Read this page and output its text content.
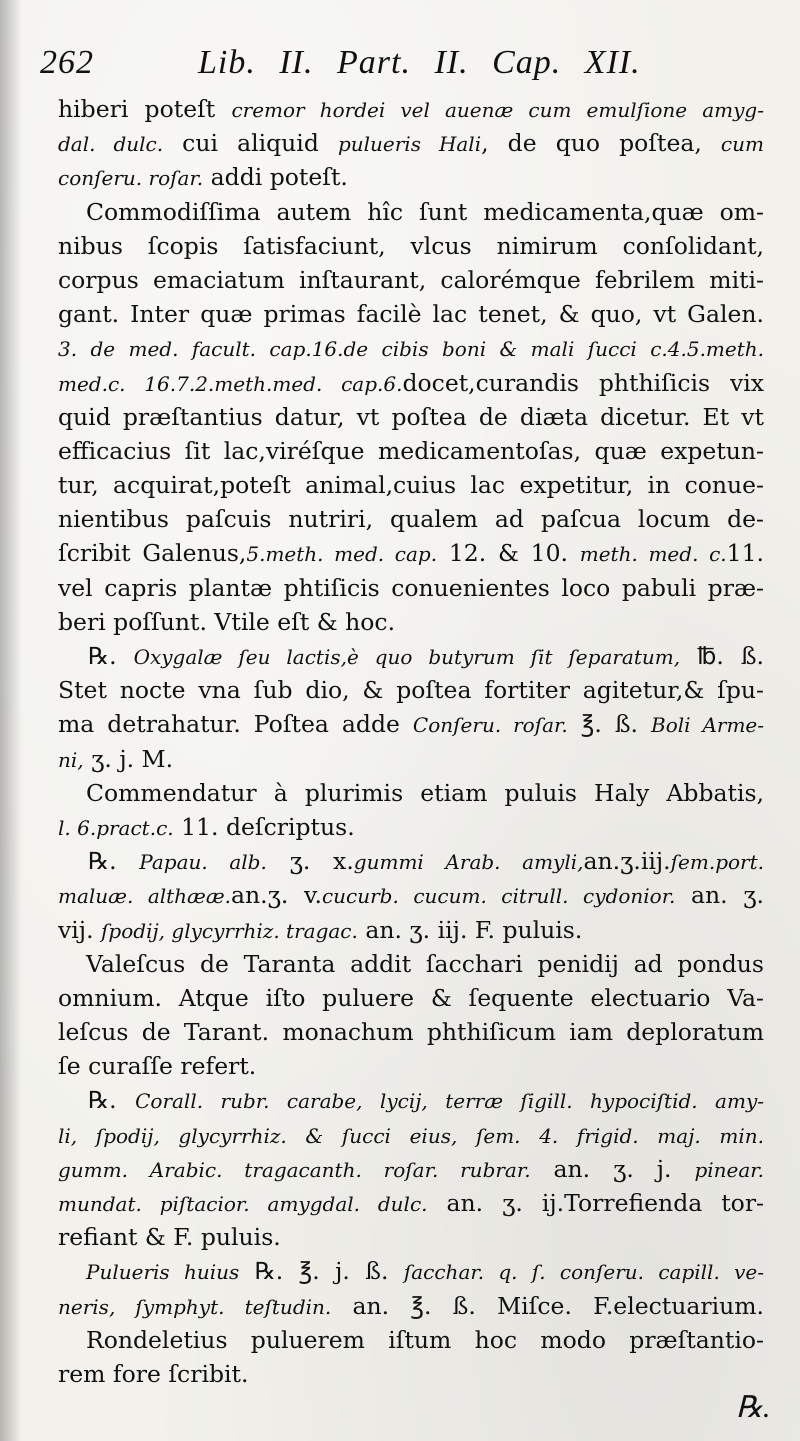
262	Lib. II. Part. II. Cap. XII.
hiberi poteſt cremor hordei vel auenæ cum emulſione amyg-
dal. dulc. cui aliquid pulueris Hali, de quo poſtea, cum
conſeru. roſar. addi poteſt.
Commodiſſima autem hîc ſunt medicamenta,quæ om-
nibus ſcopis ſatisfaciunt, vlcus nimirum conſolidant,
corpus emaciatum inſtaurant, calorémque febrilem miti-
gant. Inter quæ primas facilè lac tenet, & quo, vt Galen.
3. de med. facult. cap.16.de cibis boni & mali ſucci c.4.5.meth.
med.c. 16.7.2.meth.med. cap.6.docet,curandis phthiſicis vix
quid præſtantius datur, vt poſtea de diæta dicetur. Et vt
efficacius ſit lac,viréſque medicamentoſas, quæ expetun-
tur, acquirat,poteſt animal,cuius lac expetitur, in conue-
nientibus paſcuis nutriri, qualem ad paſcua locum de-
ſcribit Galenus,5.meth. med. cap. 12. & 10. meth. med. c.11.
vel capris plantæ phtiſicis conuenientes loco pabuli præ-
beri poſſunt. Vtile eſt & hoc.
℞. Oxygalæ ſeu lactis,è quo butyrum ſit ſeparatum, ℔. ß.
Stet nocte vna ſub dio, & poſtea fortiter agitetur,& ſpu-
ma detrahatur. Poſtea adde Conſeru. roſar. ℥. ß. Boli Arme-
ni, ʒ. j. M.
Commendatur à plurimis etiam puluis Haly Abbatis,
l. 6.pract.c. 11. deſcriptus.
℞. Papau. alb. ʒ. x.gummi Arab. amyli,an.ʒ.iij.ſem.port.
maluæ. althææ.an.ʒ. v.cucurb. cucum. citrull. cydonior. an. ʒ.
vij. ſpodij, glycyrrhiz. tragac. an. ʒ. iij. F. puluis.
Valeſcus de Taranta addit ſacchari penidij ad pondus
omnium. Atque iſto puluere & ſequente electuario Va-
leſcus de Tarant. monachum phthiſicum iam deploratum
ſe curaſſe refert.
℞. Corall. rubr. carabe, lycij, terræ ſigill. hypociſtid. amy-
li, ſpodij, glycyrrhiz. & ſucci eius, ſem. 4. frigid. maj. min.
gumm. Arabic. tragacanth. roſar. rubrar. an. ʒ. j. pinear.
mundat. piſtacior. amygdal. dulc. an. ʒ. ij.Torrefienda tor-
refiant & F. puluis.
Pulueris huius ℞. ℥. j. ß. ſacchar. q. ſ. conſeru. capill. ve-
neris, ſymphyt. teſtudin. an. ℥. ß. Miſce. F.electuarium.
Rondeletius puluerem iſtum hoc modo præſtantio-
rem fore ſcribit.
℞.
